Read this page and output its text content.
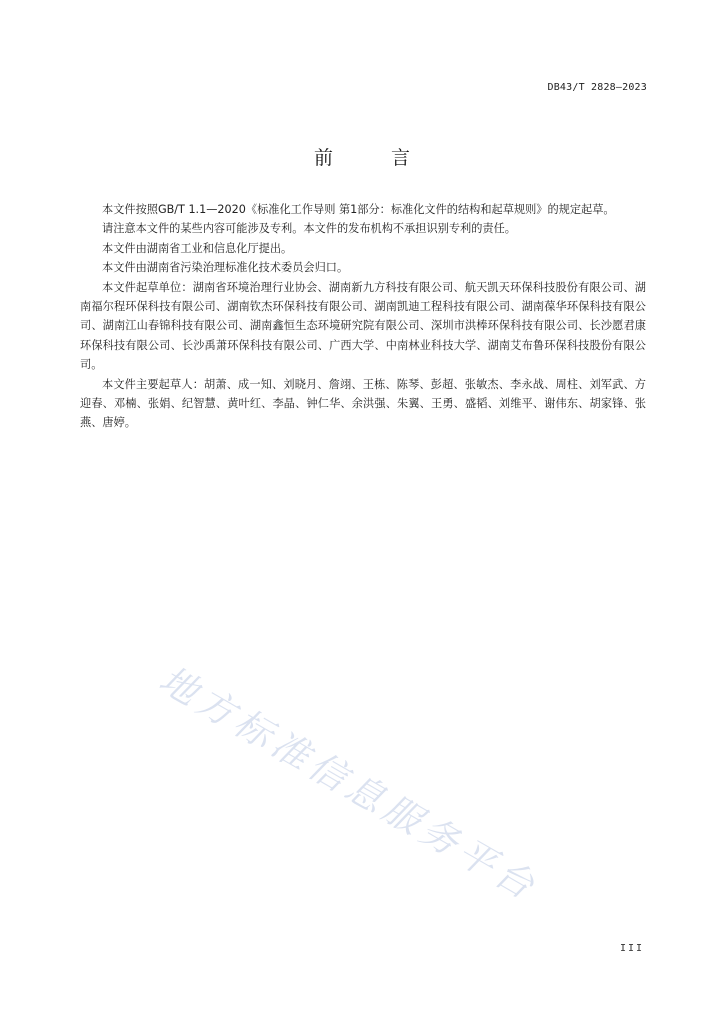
DB43/T 2828—2023
前 言

本文件按照GB/T 1.1—2020《标准化工作导则 第1部分：标准化文件的结构和起草规则》的规定起草。

请注意本文件的某些内容可能涉及专利。本文件的发布机构不承担识别专利的责任。

本文件由湖南省工业和信息化厅提出。

本文件由湖南省污染治理标准化技术委员会归口。

本文件起草单位：湖南省环境治理行业协会、湖南新九方科技有限公司、航天凯天环保科技股份有限公司、湖南福尔程环保科技有限公司、湖南钦杰环保科技有限公司、湖南凯迪工程科技有限公司、湖南葆华环保科技有限公司、湖南江山春锦科技有限公司、湖南鑫恒生态环境研究院有限公司、深圳市洪棒环保科技有限公司、长沙愿君康环保科技有限公司、长沙禹萧环保科技有限公司、广西大学、中南林业科技大学、湖南艾布鲁环保科技股份有限公司。

本文件主要起草人：胡萧、成一知、刘晓月、詹翊、王栋、陈琴、彭超、张敏杰、李永战、周柱、刘军武、方迎春、邓楠、张娟、纪智慧、黄叶红、李晶、钟仁华、余洪强、朱翼、王勇、盛韬、刘维平、谢伟东、胡家锋、张燕、唐婷。

地方标准信息服务平台
III
